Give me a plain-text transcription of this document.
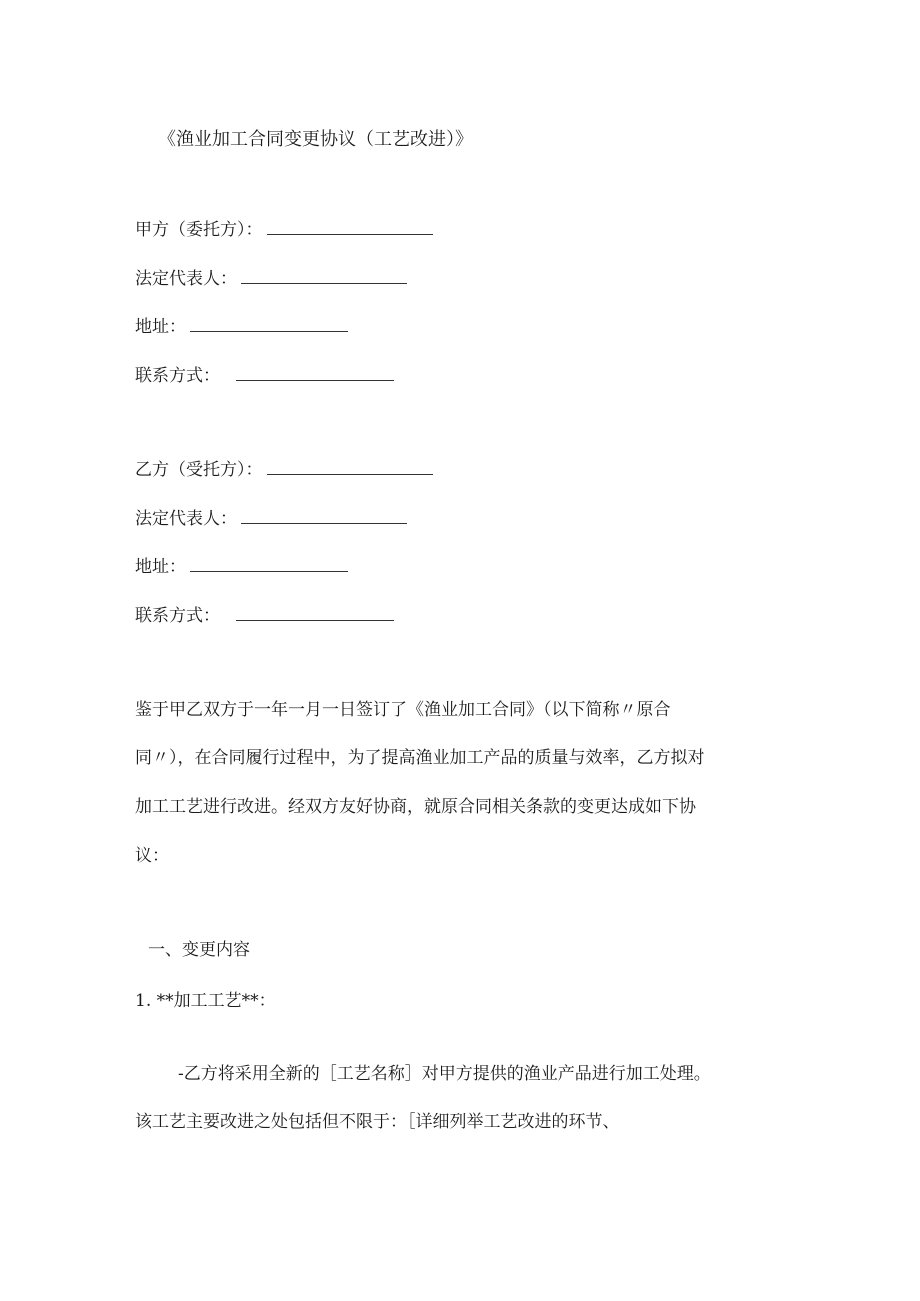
《渔业加工合同变更协议（工艺改进）》
甲方（委托方）：
法定代表人：
地址：
联系方式：
乙方（受托方）：
法定代表人：
地址：
联系方式：
鉴于甲乙双方于一年一月一日签订了《渔业加工合同》（以下简称〃原合
同〃），在合同履行过程中，为了提高渔业加工产品的质量与效率，乙方拟对
加工工艺进行改进。经双方友好协商，就原合同相关条款的变更达成如下协
议：
一、变更内容
1. **加工工艺**：
-乙方将采用全新的［工艺名称］对甲方提供的渔业产品进行加工处理。
该工艺主要改进之处包括但不限于：［详细列举工艺改进的环节、
